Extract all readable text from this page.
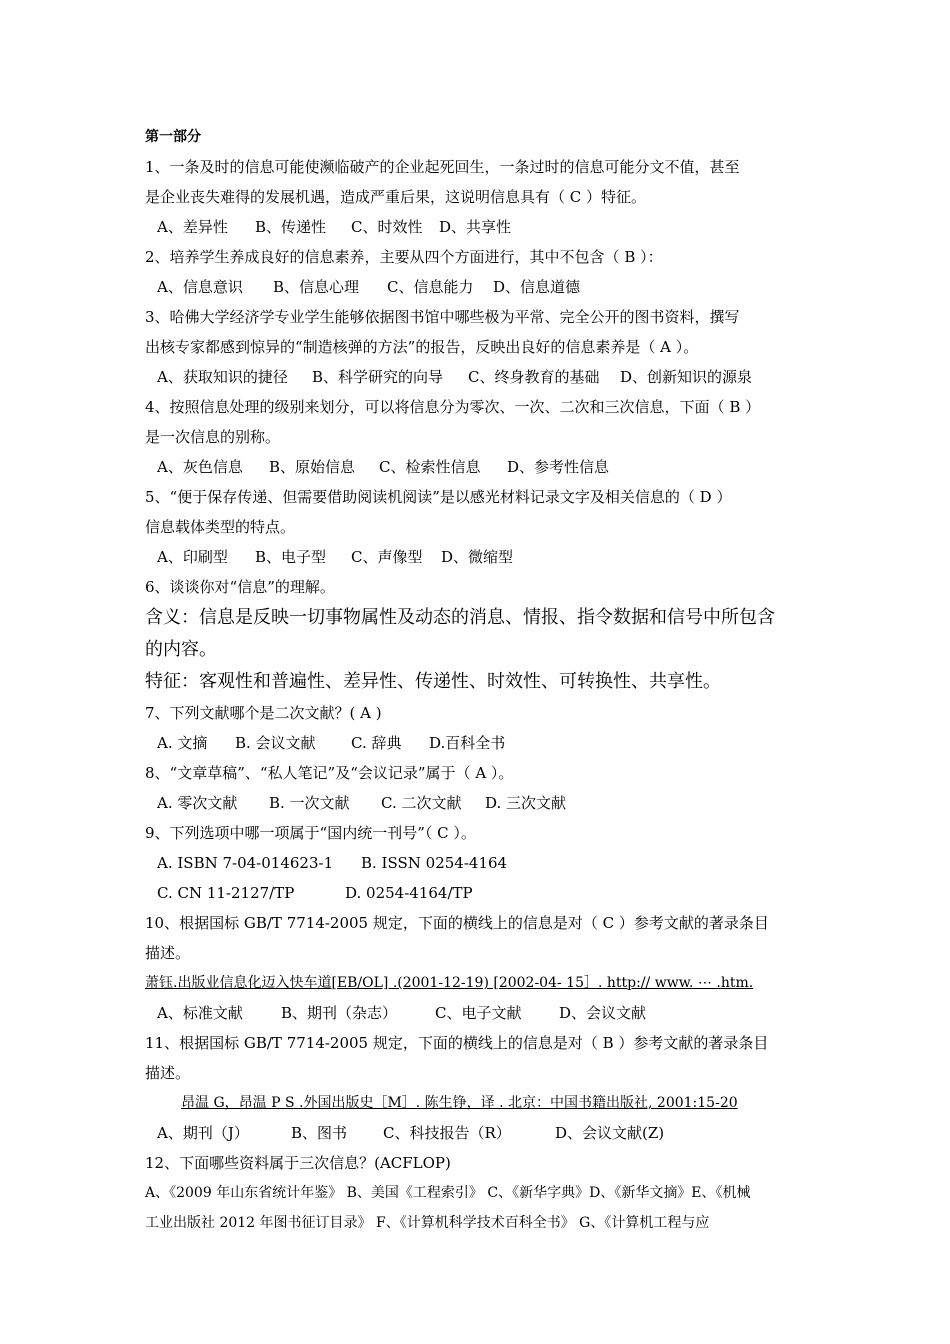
第一部分
1、一条及时的信息可能使濒临破产的企业起死回生，一条过时的信息可能分文不值，甚至
是企业丧失难得的发展机遇，造成严重后果，这说明信息具有（ C ）特征。
A、差异性 B、传递性 C、时效性 D、共享性
2、培养学生养成良好的信息素养，主要从四个方面进行，其中不包含（ B ）：
A、信息意识 B、信息心理 C、信息能力 D、信息道德
3、哈佛大学经济学专业学生能够依据图书馆中哪些极为平常、完全公开的图书资料，撰写
出核专家都感到惊异的“制造核弹的方法”的报告，反映出良好的信息素养是（ A ）。
A、获取知识的捷径 B、科学研究的向导 C、终身教育的基础 D、创新知识的源泉
4、按照信息处理的级别来划分，可以将信息分为零次、一次、二次和三次信息，下面（ B ）
是一次信息的别称。
A、灰色信息 B、原始信息 C、检索性信息 D、参考性信息
5、“便于保存传递、但需要借助阅读机阅读”是以感光材料记录文字及相关信息的（ D ）
信息载体类型的特点。
A、印刷型 B、电子型 C、声像型 D、微缩型
6、谈谈你对“信息”的理解。
含义：信息是反映一切事物属性及动态的消息、情报、指令数据和信号中所包含
的内容。
特征：客观性和普遍性、差异性、传递性、时效性、可转换性、共享性。
7、下列文献哪个是二次文献？( A )
A. 文摘 B. 会议文献 C. 辞典 D.百科全书
8、“文章草稿”、“私人笔记”及“会议记录”属于（ A ）。
A. 零次文献 B. 一次文献 C. 二次文献 D. 三次文献
9、下列选项中哪一项属于“国内统一刊号”（ C ）。
A. ISBN 7-04-014623-1 B. ISSN 0254-4164
C. CN 11-2127/TP	D. 0254-4164/TP
10、根据国标 GB/T 7714-2005 规定，下面的横线上的信息是对（ C ）参考文献的著录条目
描述。
萧钰.出版业信息化迈入快车道[EB/OL] .(2001-12-19) [2002-04- 15］. http:// www. ⋯ .htm.
A、标准文献	B、期刊（杂志）	C、电子文献	D、会议文献
11、根据国标 GB/T 7714-2005 规定，下面的横线上的信息是对（ B ）参考文献的著录条目
描述。
昂温 G，昂温 P S .外国出版史［M］. 陈生铮，译 . 北京：中国书籍出版社, 2001:15-20
A、期刊（J）	B、图书 C、科技报告（R）	D、会议文献(Z)
12、下面哪些资料属于三次信息？(ACFLOP)
A、《2009 年山东省统计年鉴》 B、美国《工程索引》 C、《新华字典》D、《新华文摘》E、《机械
工业出版社 2012 年图书征订目录》 F、《计算机科学技术百科全书》 G、《计算机工程与应
